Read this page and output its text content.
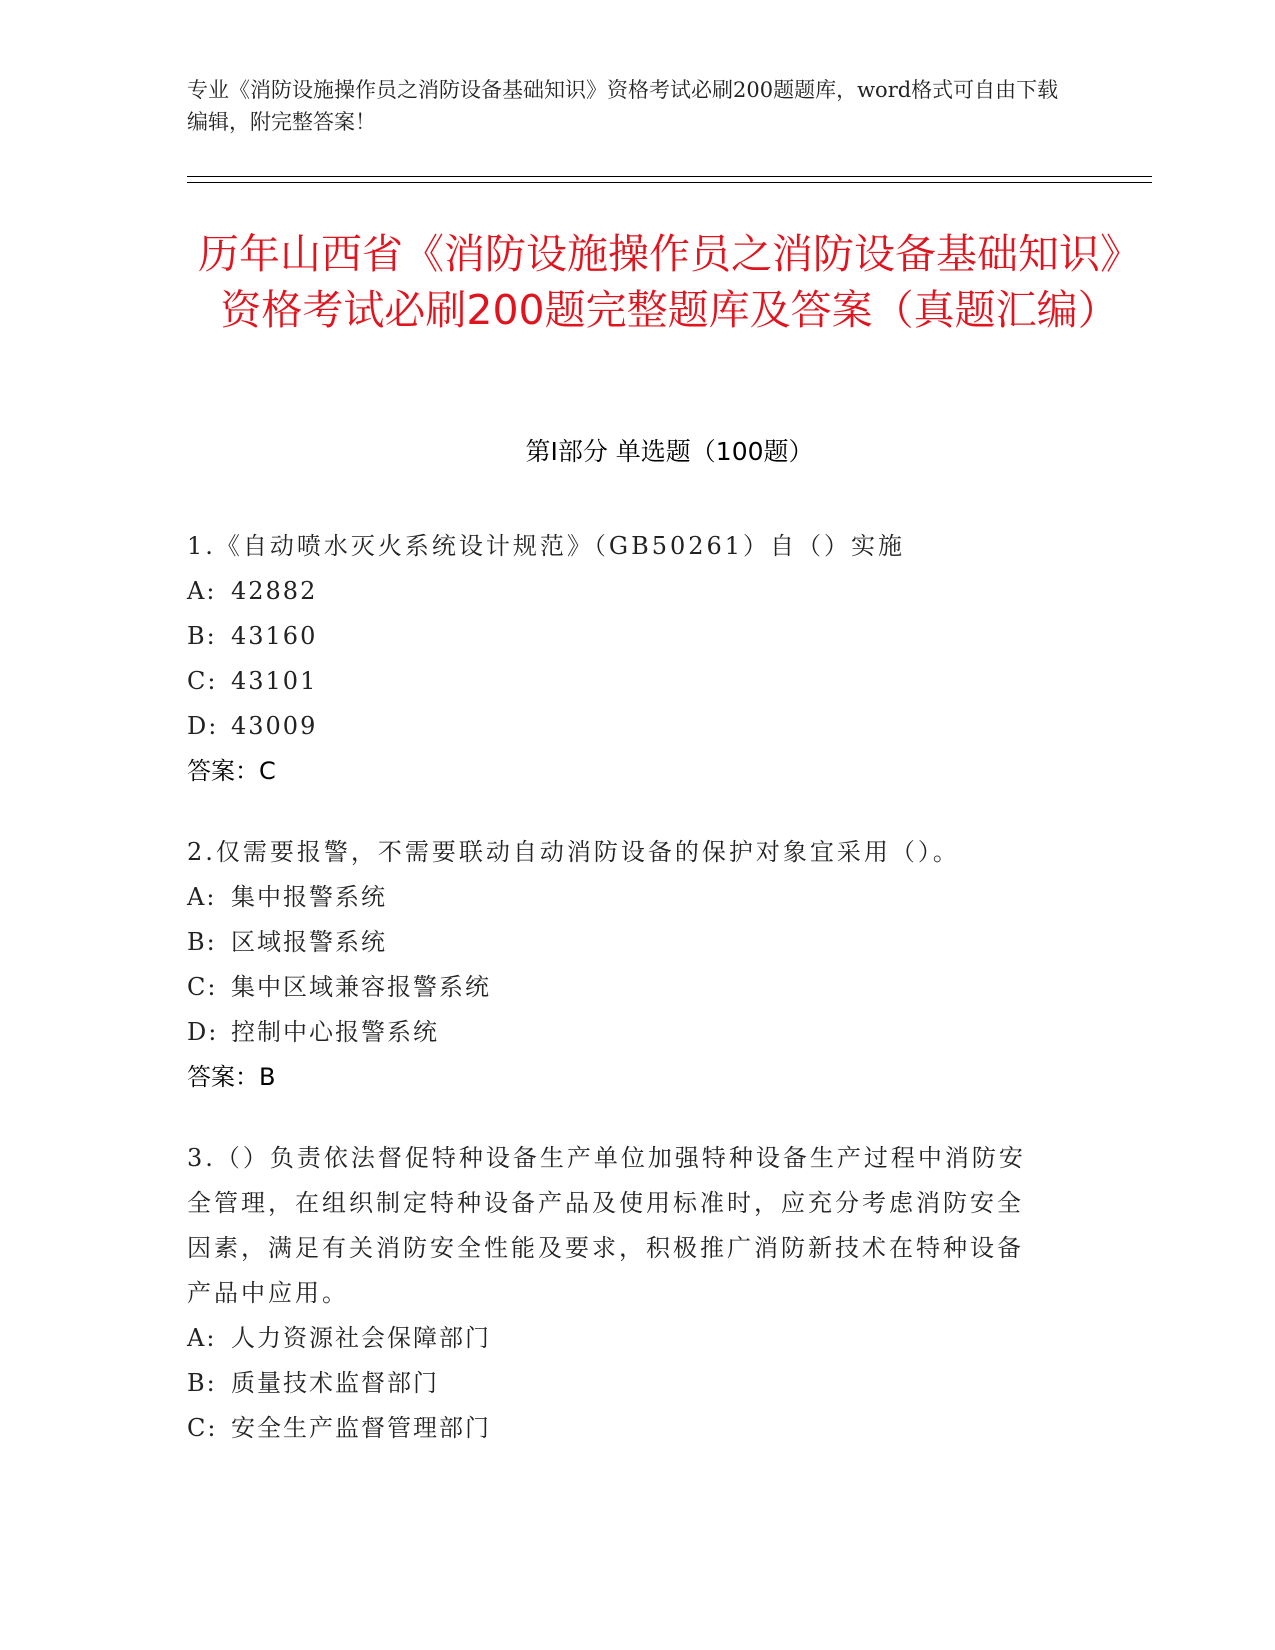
专业《消防设施操作员之消防设备基础知识》资格考试必刷200题题库，word格式可自由下载编辑，附完整答案！

历年山西省《消防设施操作员之消防设备基础知识》资格考试必刷200题完整题库及答案（真题汇编）
第I部分 单选题（100题）

1.《自动喷水灭火系统设计规范》（GB50261）自（）实施

A: 42882

B: 43160

C: 43101

D: 43009

答案：C

2.仅需要报警，不需要联动自动消防设备的保护对象宜采用（）。

A: 集中报警系统

B: 区域报警系统

C: 集中区域兼容报警系统

D: 控制中心报警系统

答案：B

3.（）负责依法督促特种设备生产单位加强特种设备生产过程中消防安全管理，在组织制定特种设备产品及使用标准时，应充分考虑消防安全因素，满足有关消防安全性能及要求，积极推广消防新技术在特种设备产品中应用。

A: 人力资源社会保障部门

B: 质量技术监督部门

C: 安全生产监督管理部门
